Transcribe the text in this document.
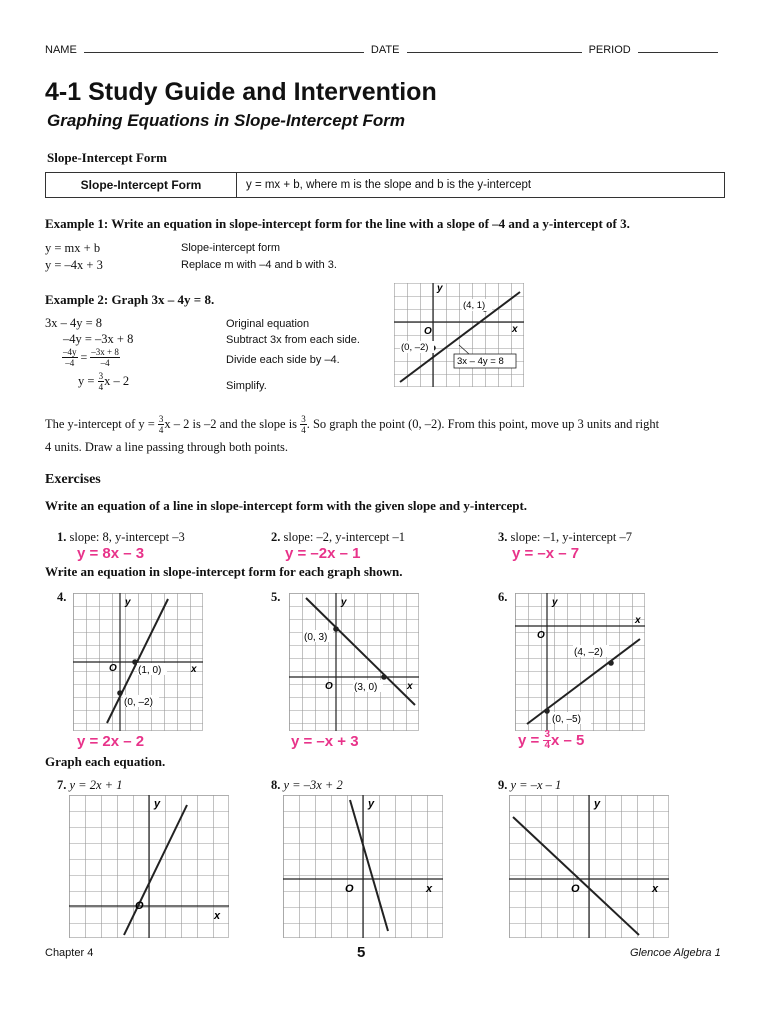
NAME	DATE	PERIOD
4-1 Study Guide and Intervention
Graphing Equations in Slope-Intercept Form
Slope-Intercept Form
Slope-Intercept Form	y = mx + b, where m is the slope and b is the y-intercept
Example 1: Write an equation in slope-intercept form for the line with a slope of –4 and a y-intercept of 3.
y = mx + b	Slope-intercept form
y = –4x + 3	Replace m with –4 and b with 3.
Example 2: Graph 3x – 4y = 8.
3x – 4y = 8	Original equation
–4y = –3x + 8	Subtract 3x from each side.
$\frac{-4y}{-4} = \frac{-3x + 8}{-4}$	Divide each side by –4.
$y = \frac{3}{4}$ x – 2	Simplify.
y
x
O
(4, 1)
(0, –2)
3x – 4y = 8
The y-intercept of $y = \frac{3}{4}$ x – 2 is –2 and the slope is $\frac{3}{4}$ . So graph the point (0, –2). From this point, move up 3 units and right
4 units. Draw a line passing through both points.
Exercises
Write an equation of a line in slope-intercept form with the given slope and y-intercept.
1. slope: 8, y-intercept –3
y = 8x – 3
2. slope: –2, y-intercept –1
y = –2x – 1
3. slope: –1, y-intercept –7
y = –x – 7
Write an equation in slope-intercept form for each graph shown.
4.	5.	6.
y
x
O (1, 0)
(0, –2)
y = 2x – 2
y
x
O
(0, 3)
(3, 0)
y = –x + 3
y
x
O
(4, –2)
(0, –5)
$y = \frac{3}{4}$ x – 5
Graph each equation.
7. y = 2x + 1	8. y = –3x + 2	9. y = –x – 1
y
x
O
y
x
O
y
x
O
Chapter 4	5	Glencoe Algebra 1
